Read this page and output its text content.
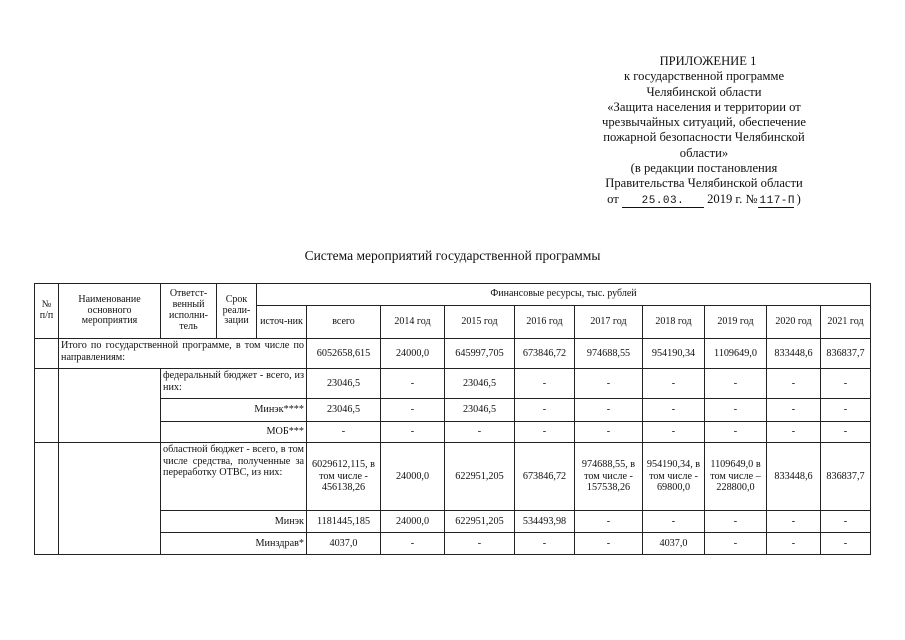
ПРИЛОЖЕНИЕ 1
к государственной программе
Челябинской области
«Защита населения и территории от
чрезвычайных ситуаций, обеспечение
пожарной безопасности Челябинской
области»
(в редакции постановления
Правительства Челябинской области
от 25.03. 2019 г. № 117-П )
Система мероприятий государственной программы
№ п/п	Наименование основного мероприятия	Ответст-венный исполни-тель	Срок реали-зации	Финансовые ресурсы, тыс. рублей									
				источ-ник	всего	2014 год	2015 год	2016 год	2017 год	2018 год	2019 год	2020 год	2021 год
	Итого по государственной программе, в том числе по направлениям:				6052658,615	24000,0	645997,705	673846,72	974688,55	954190,34	1109649,0	833448,6	836837,7
		федеральный бюджет - всего, из них:			23046,5	-	23046,5	-	-	-	-	-	-
		Минэк****			23046,5	-	23046,5	-	-	-	-	-	-
		МОБ***			-	-	-	-	-	-	-	-	-
		областной бюджет - всего, в том числе средства, полученные за переработку ОТВС, из них:			6029612,115, в том числе - 456138,26	24000,0	622951,205	673846,72	974688,55, в том числе - 157538,26	954190,34, в том числе - 69800,0	1109649,0 в том числе – 228800,0	833448,6	836837,7
		Минэк			1181445,185	24000,0	622951,205	534493,98	-	-	-	-	-
		Минздрав*			4037,0	-	-	-	-	4037,0	-	-	-
